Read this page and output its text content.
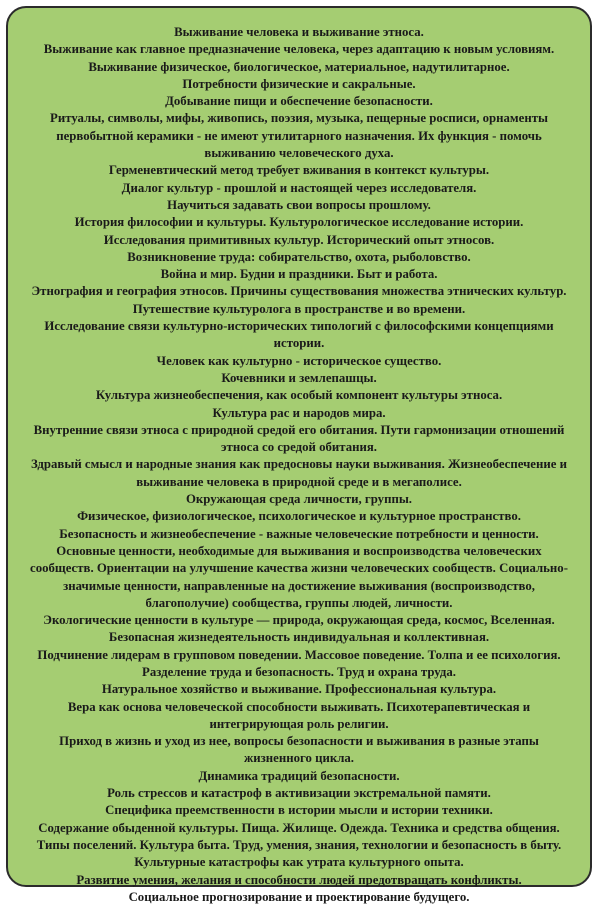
Выживание человека и выживание этноса.
Выживание как главное предназначение человека, через адаптацию к новым условиям.
Выживание физическое, биологическое, материальное, надутилитарное.
Потребности физические и сакральные.
Добывание пищи и обеспечение безопасности.
Ритуалы, символы, мифы, живопись, поэзия, музыка, пещерные росписи, орнаменты
первобытной керамики - не имеют утилитарного назначения. Их функция - помочь
выживанию человеческого духа.
Герменевтический метод требует вживания в контекст культуры.
Диалог культур - прошлой и настоящей через исследователя.
Научиться задавать свои вопросы прошлому.
История философии и культуры. Культурологическое исследование истории.
Исследования примитивных культур. Исторический опыт этносов.
Возникновение труда: собирательство, охота, рыболовство.
Война и мир. Будни и праздники. Быт и работа.
Этнография и география этносов. Причины существования множества этнических культур.
Путешествие культуролога в пространстве и во времени.
Исследование связи культурно-исторических типологий с философскими концепциями
истории.
Человек как культурно - историческое существо.
Кочевники и землепашцы.
Культура жизнеобеспечения, как особый компонент культуры этноса.
Культура рас и народов мира.
Внутренние связи этноса с природной средой его обитания. Пути гармонизации отношений
этноса со средой обитания.
Здравый смысл и народные знания как предосновы науки выживания. Жизнеобеспечение и
выживание человека в природной среде и в мегаполисе.
Окружающая среда личности, группы.
Физическое, физиологическое, психологическое и культурное пространство.
Безопасность и жизнеобеспечение - важные человеческие потребности и ценности.
Основные ценности, необходимые для выживания и воспроизводства человеческих
сообществ. Ориентации на улучшение качества жизни человеческих сообществ. Социально-
значимые ценности, направленные на достижение выживания (воспроизводство,
благополучие) сообщества, группы людей, личности.
Экологические ценности в культуре — природа, окружающая среда, космос, Вселенная.
Безопасная жизнедеятельность индивидуальная и коллективная.
Подчинение лидерам в групповом поведении. Массовое поведение. Толпа и ее психология.
Разделение труда и безопасность. Труд и охрана труда.
Натуральное хозяйство и выживание. Профессиональная культура.
Вера как основа человеческой способности выживать. Психотерапевтическая и
интегрирующая роль религии.
Приход в жизнь и уход из нее, вопросы безопасности и выживания в разные этапы
жизненного цикла.
Динамика традиций безопасности.
Роль стрессов и катастроф в активизации экстремальной памяти.
Специфика преемственности в истории мысли и истории техники.
Содержание обыденной культуры. Пища. Жилище. Одежда. Техника и средства общения.
Типы поселений. Культура быта. Труд, умения, знания, технологии и безопасность в быту.
Культурные катастрофы как утрата культурного опыта.
Развитие умения, желания и способности людей предотвращать конфликты.
Социальное прогнозирование и проектирование будущего.
